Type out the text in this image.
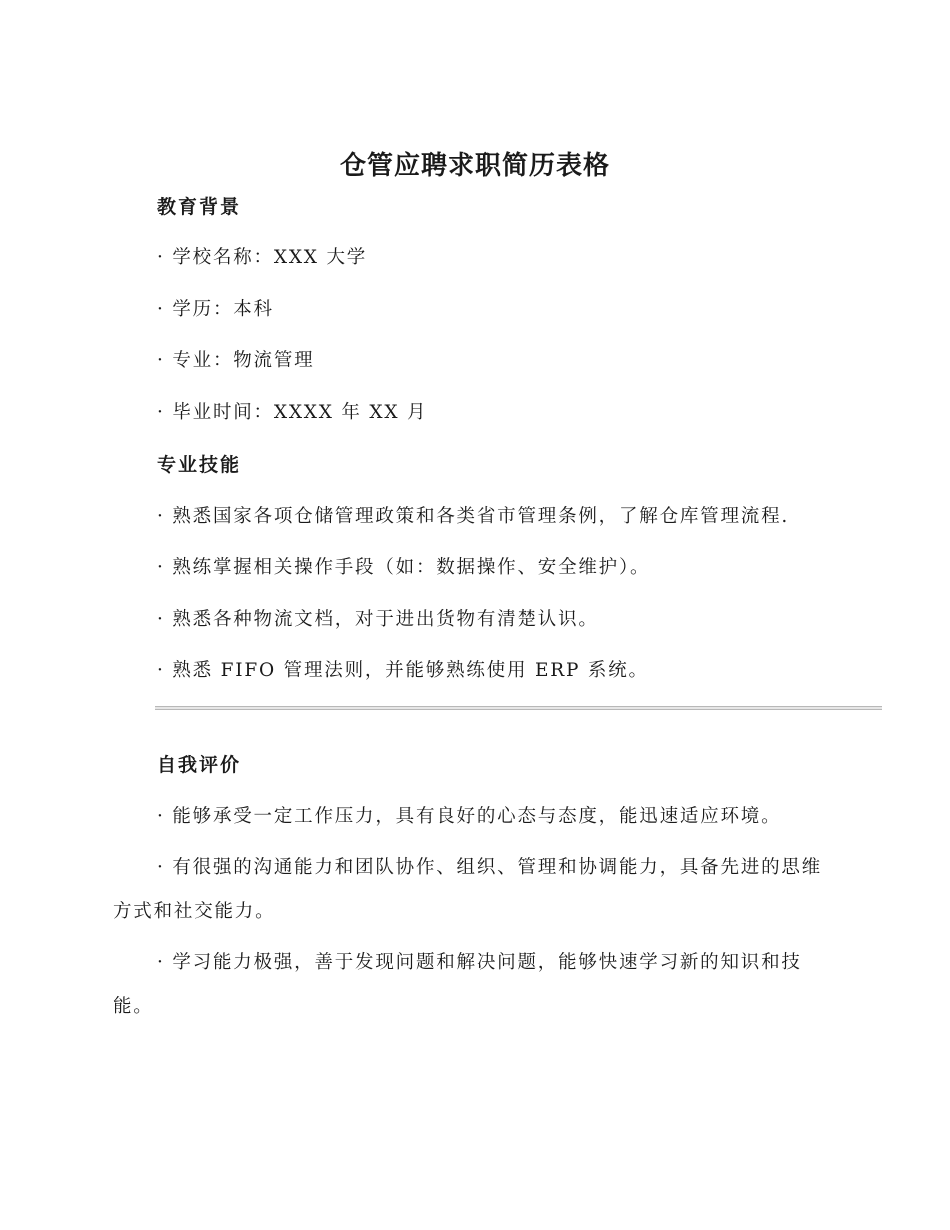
仓管应聘求职简历表格
教育背景

· 学校名称：XXX 大学

· 学历：本科

· 专业：物流管理

· 毕业时间：XXXX 年 XX 月

专业技能

· 熟悉国家各项仓储管理政策和各类省市管理条例，了解仓库管理流程.

· 熟练掌握相关操作手段（如：数据操作、安全维护）。

· 熟悉各种物流文档，对于进出货物有清楚认识。

· 熟悉 FIFO 管理法则，并能够熟练使用 ERP 系统。

自我评价

· 能够承受一定工作压力，具有良好的心态与态度，能迅速适应环境。

· 有很强的沟通能力和团队协作、组织、管理和协调能力，具备先进的思维方式和社交能力。

· 学习能力极强，善于发现问题和解决问题，能够快速学习新的知识和技能。
